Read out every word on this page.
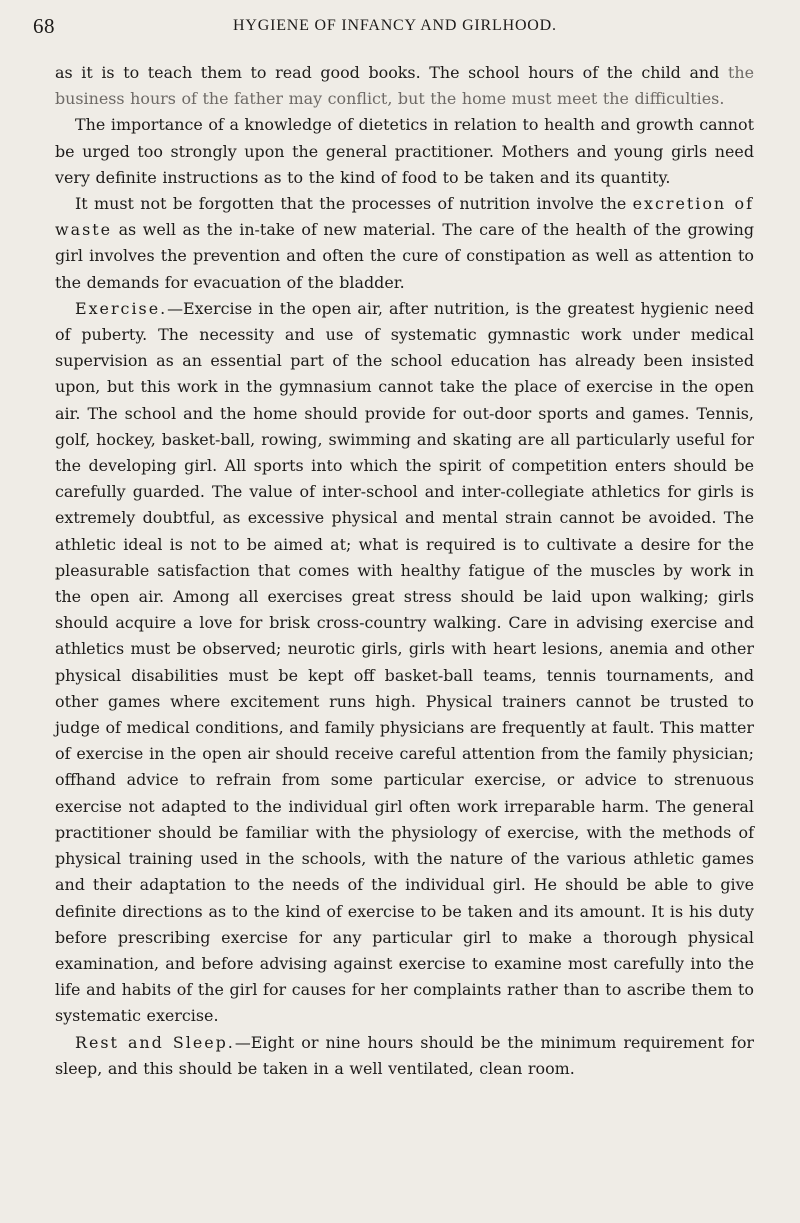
68	HYGIENE OF INFANCY AND GIRLHOOD.

as it is to teach them to read good books. The school hours of the child and the business hours of the father may conflict, but the home must meet the difficulties.

The importance of a knowledge of dietetics in relation to health and growth cannot be urged too strongly upon the general practitioner. Mothers and young girls need very definite instructions as to the kind of food to be taken and its quantity.

It must not be forgotten that the processes of nutrition involve the excretion of waste as well as the in-take of new material. The care of the health of the growing girl involves the prevention and often the cure of constipation as well as attention to the demands for evacuation of the bladder.

Exercise.—Exercise in the open air, after nutrition, is the greatest hygienic need of puberty. The necessity and use of systematic gymnastic work under medical supervision as an essential part of the school education has already been insisted upon, but this work in the gymnasium cannot take the place of exercise in the open air. The school and the home should provide for out-door sports and games. Tennis, golf, hockey, basket-ball, rowing, swimming and skating are all particularly useful for the developing girl. All sports into which the spirit of competition enters should be carefully guarded. The value of inter-school and inter-collegiate athletics for girls is extremely doubtful, as excessive physical and mental strain cannot be avoided. The athletic ideal is not to be aimed at; what is required is to cultivate a desire for the pleasurable satisfaction that comes with healthy fatigue of the muscles by work in the open air. Among all exercises great stress should be laid upon walking; girls should acquire a love for brisk cross-country walking. Care in advising exercise and athletics must be observed; neurotic girls, girls with heart lesions, anemia and other physical disabilities must be kept off basket-ball teams, tennis tournaments, and other games where excitement runs high. Physical trainers cannot be trusted to judge of medical conditions, and family physicians are frequently at fault. This matter of exercise in the open air should receive careful attention from the family physician; offhand advice to refrain from some particular exercise, or advice to strenuous exercise not adapted to the individual girl often work irreparable harm. The general practitioner should be familiar with the physiology of exercise, with the methods of physical training used in the schools, with the nature of the various athletic games and their adaptation to the needs of the individual girl. He should be able to give definite directions as to the kind of exercise to be taken and its amount. It is his duty before prescribing exercise for any particular girl to make a thorough physical examination, and before advising against exercise to examine most carefully into the life and habits of the girl for causes for her complaints rather than to ascribe them to systematic exercise.

Rest and Sleep.—Eight or nine hours should be the minimum requirement for sleep, and this should be taken in a well ventilated, clean room.
